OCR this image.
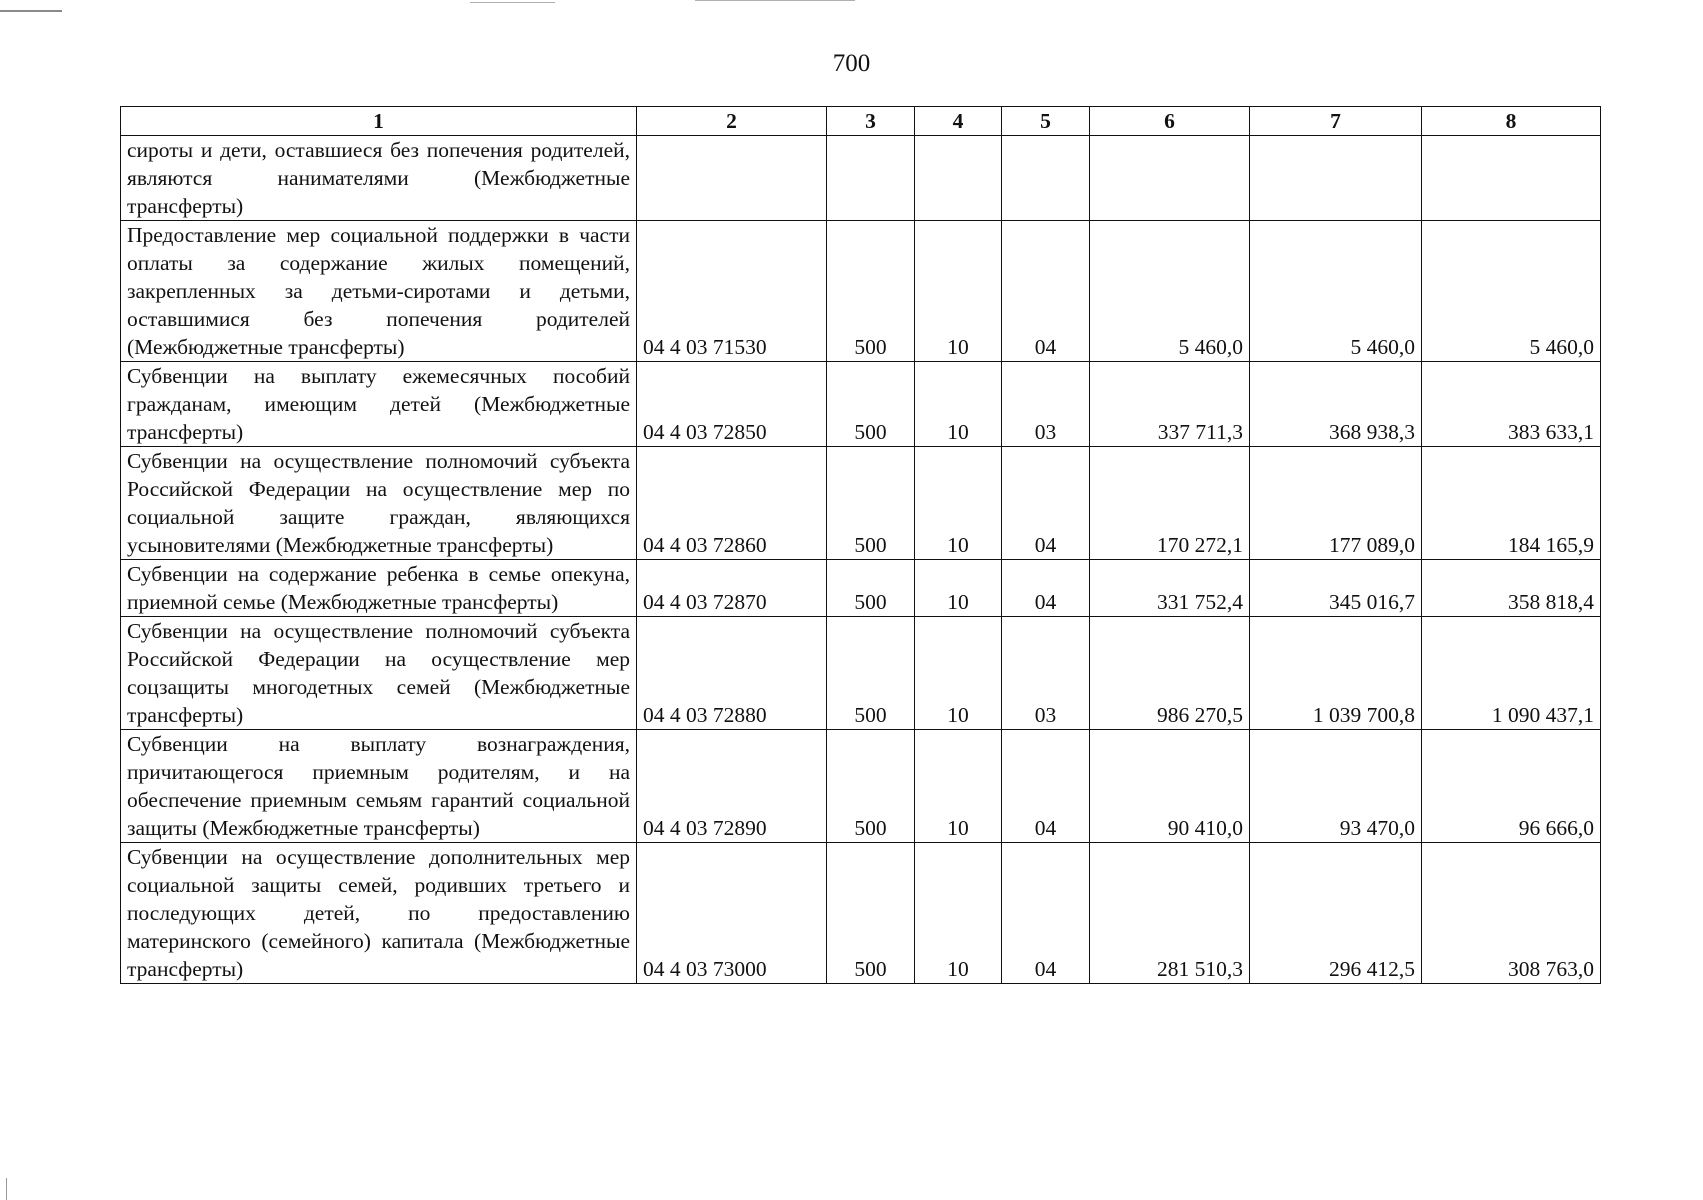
700
1	2	3	4	5	6	7	8
сироты и дети, оставшиеся без попечения родителей, являются нанимателями (Межбюджетные трансферты)							
Предоставление мер социальной поддержки в части оплаты за содержание жилых помещений, закрепленных за детьми-сиротами и детьми, оставшимися без попечения родителей (Межбюджетные трансферты)	04 4 03 71530	500	10	04	5 460,0	5 460,0	5 460,0
Субвенции на выплату ежемесячных пособий гражданам, имеющим детей (Межбюджетные трансферты)	04 4 03 72850	500	10	03	337 711,3	368 938,3	383 633,1
Субвенции на осуществление полномочий субъекта Российской Федерации на осуществление мер по социальной защите граждан, являющихся усыновителями (Межбюджетные трансферты)	04 4 03 72860	500	10	04	170 272,1	177 089,0	184 165,9
Субвенции на содержание ребенка в семье опекуна, приемной семье (Межбюджетные трансферты)	04 4 03 72870	500	10	04	331 752,4	345 016,7	358 818,4
Субвенции на осуществление полномочий субъекта Российской Федерации на осуществление мер соцзащиты многодетных семей (Межбюджетные трансферты)	04 4 03 72880	500	10	03	986 270,5	1 039 700,8	1 090 437,1
Субвенции на выплату вознаграждения, причитающегося приемным родителям, и на обеспечение приемным семьям гарантий социальной защиты (Межбюджетные трансферты)	04 4 03 72890	500	10	04	90 410,0	93 470,0	96 666,0
Субвенции на осуществление дополнительных мер социальной защиты семей, родивших третьего и последующих детей, по предоставлению материнского (семейного) капитала (Межбюджетные трансферты)	04 4 03 73000	500	10	04	281 510,3	296 412,5	308 763,0
